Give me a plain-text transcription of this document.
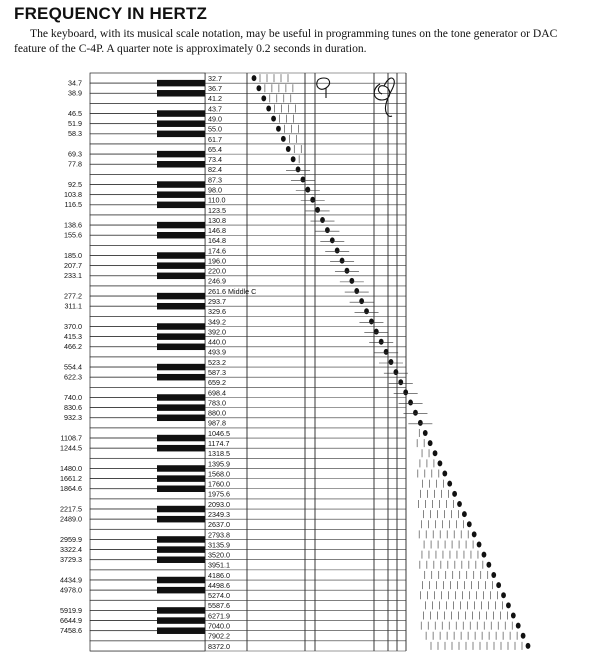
FREQUENCY IN HERTZ
The keyboard, with its musical scale notation, may be useful in programming tunes on the tone generator or DAC
feature of the C-4P. A quarter note is approximately 0.2 seconds in duration.
32.7
36.7
41.2
43.7
49.0
55.0
61.7
65.4
73.4
82.4
87.3
98.0
110.0
123.5
130.8
146.8
164.8
174.6
196.0
220.0
246.9
261.6 Middle C
293.7
329.6
349.2
392.0
440.0
493.9
523.2
587.3
659.2
698.4
783.0
880.0
987.8
1046.5
1174.7
1318.5
1395.9
1568.0
1760.0
1975.6
2093.0
2349.3
2637.0
2793.8
3135.9
3520.0
3951.1
4186.0
4498.6
5274.0
5587.6
6271.9
7040.0
7902.2
8372.0
34.7
38.9
46.5
51.9
58.3
69.3
77.8
92.5
103.8
116.5
138.6
155.6
185.0
207.7
233.1
277.2
311.1
370.0
415.3
466.2
554.4
622.3
740.0
830.6
932.3
1108.7
1244.5
1480.0
1661.2
1864.6
2217.5
2489.0
2959.9
3322.4
3729.3
4434.9
4978.0
5919.9
6644.9
7458.6
